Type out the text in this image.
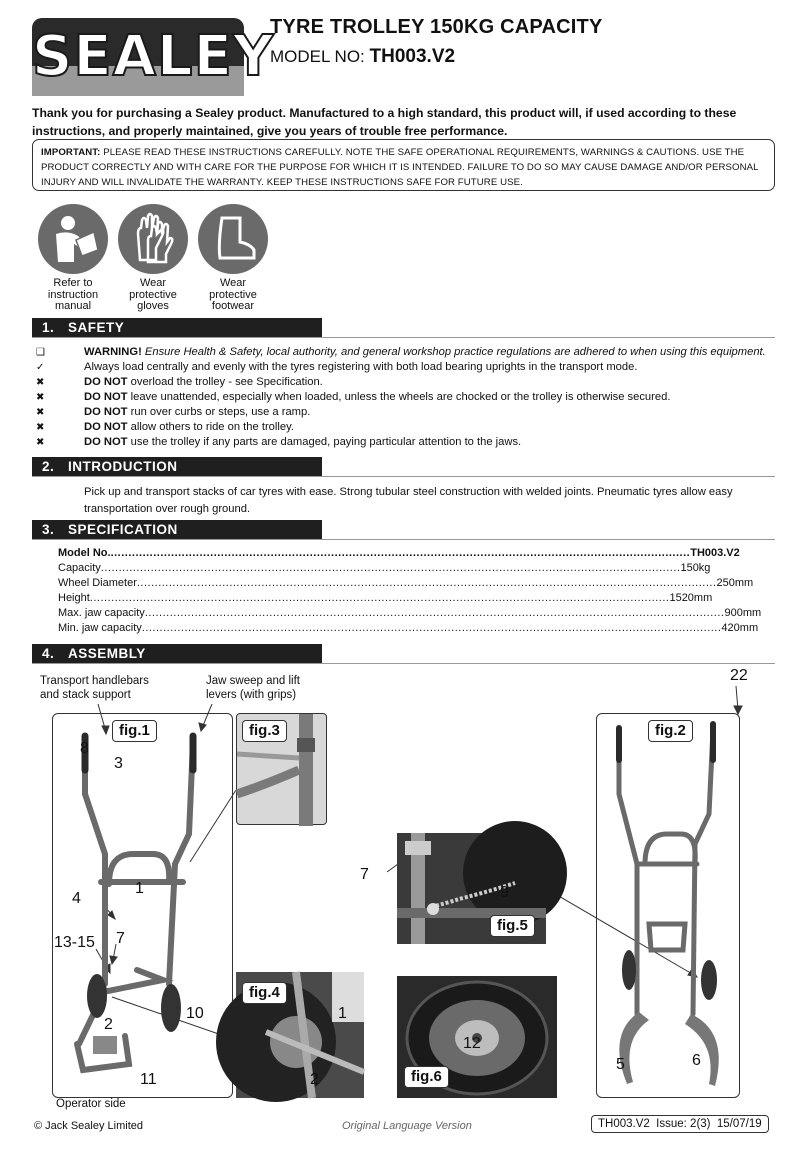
SEALEY
TYRE TROLLEY 150KG CAPACITY
MODEL NO: TH003.V2
Thank you for purchasing a Sealey product. Manufactured to a high standard, this product will, if used according to these instructions, and properly maintained, give you years of trouble free performance.
IMPORTANT: PLEASE READ THESE INSTRUCTIONS CAREFULLY. NOTE THE SAFE OPERATIONAL REQUIREMENTS, WARNINGS & CAUTIONS. USE THE PRODUCT CORRECTLY AND WITH CARE FOR THE PURPOSE FOR WHICH IT IS INTENDED. FAILURE TO DO SO MAY CAUSE DAMAGE AND/OR PERSONAL INJURY AND WILL INVALIDATE THE WARRANTY. KEEP THESE INSTRUCTIONS SAFE FOR FUTURE USE.
Refer to
instruction
manual
Wear
protective
gloves
Wear
protective
footwear
1. SAFETY
❑	WARNING! Ensure Health & Safety, local authority, and general workshop practice regulations are adhered to when using this equipment.
✓	Always load centrally and evenly with the tyres registering with both load bearing uprights in the transport mode.
✖	DO NOT overload the trolley - see Specification.
✖	DO NOT leave unattended, especially when loaded, unless the wheels are chocked or the trolley is otherwise secured.
✖	DO NOT run over curbs or steps, use a ramp.
✖	DO NOT allow others to ride on the trolley.
✖	DO NOT use the trolley if any parts are damaged, paying particular attention to the jaws.
2. INTRODUCTION
Pick up and transport stacks of car tyres with ease. Strong tubular steel construction with welded joints. Pneumatic tyres allow easy transportation over rough ground.
3. SPECIFICATION
Model No. .....	TH003.V2
Capacity .....	150kg
Wheel Diameter .....	250mm
Height .....	1520mm
Max. jaw capacity .....	900mm
Min. jaw capacity .....	420mm
4. ASSEMBLY
Transport handlebars
and stack support
Jaw sweep and lift
levers (with grips)
fig.1
8
3
1
4
7
13-15
2
10
11
Operator side
fig.3
fig.4
1
2
fig.5
7
9
fig.6
12
fig.2
22
5	6
© Jack Sealey Limited	Original Language Version	TH003.V2  Issue: 2(3)  15/07/19
